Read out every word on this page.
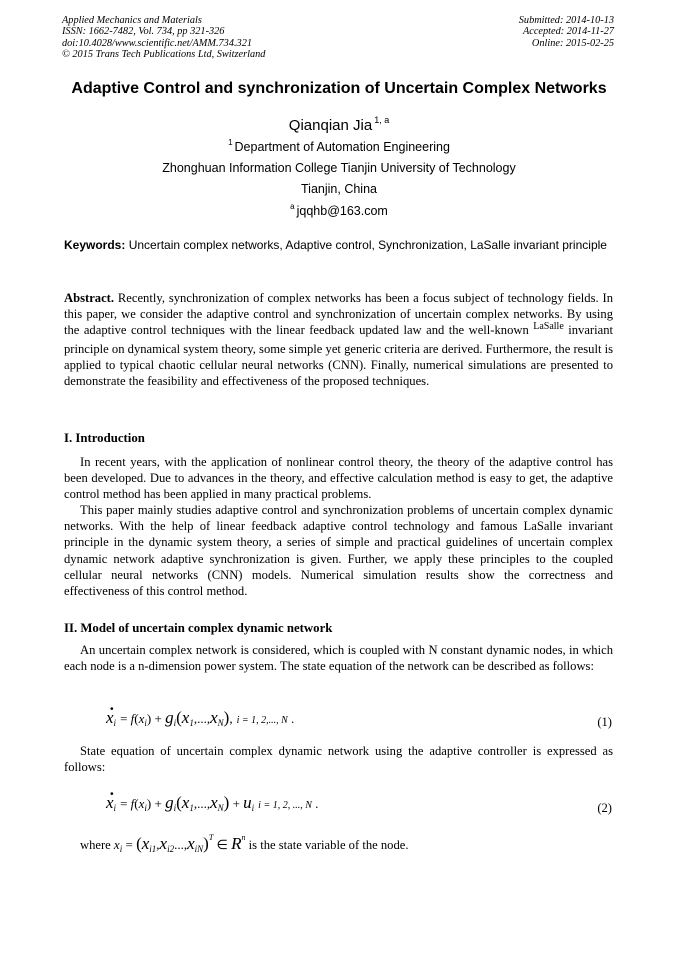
Applied Mechanics and Materials
ISSN: 1662-7482, Vol. 734, pp 321-326
doi:10.4028/www.scientific.net/AMM.734.321
© 2015 Trans Tech Publications Ltd, Switzerland
Submitted: 2014-10-13
Accepted: 2014-11-27
Online: 2015-02-25
Adaptive Control and synchronization of Uncertain Complex Networks
Qianqian Jia $^{1, a}$
$^1$ Department of Automation Engineering
Zhonghuan Information College Tianjin University of Technology
Tianjin, China
$^a$ jqqhb@163.com
Keywords: Uncertain complex networks, Adaptive control, Synchronization, LaSalle invariant principle
Abstract. Recently, synchronization of complex networks has been a focus subject of technology fields. In this paper, we consider the adaptive control and synchronization of uncertain complex networks. By using the adaptive control techniques with the linear feedback updated law and the well-known $^{LaSalle}$ invariant principle on dynamical system theory, some simple yet generic criteria are derived. Furthermore, the result is applied to typical chaotic cellular neural networks (CNN). Finally, numerical simulations are presented to demonstrate the feasibility and effectiveness of the proposed techniques.
I. Introduction
In recent years, with the application of nonlinear control theory, the theory of the adaptive control has been developed. Due to advances in the theory, and effective calculation method is easy to get, the adaptive control method has been applied in many practical problems.
This paper mainly studies adaptive control and synchronization problems of uncertain complex dynamic networks. With the help of linear feedback adaptive control technology and famous LaSalle invariant principle in the dynamic system theory, a series of simple and practical guidelines of uncertain complex dynamic network adaptive synchronization is given. Further, we apply these principles to the coupled cellular neural networks (CNN) models. Numerical simulation results show the correctness and effectiveness of this control method.
II. Model of uncertain complex dynamic network
An uncertain complex network is considered, which is coupled with N constant dynamic nodes, in which each node is a n-dimension power system. The state equation of the network can be described as follows:
· xi = f(xi) + gi(x1,...,xN), i = 1, 2,..., N .	(1)
State equation of uncertain complex dynamic network using the adaptive controller is expressed as follows:
· xi = f(xi) + gi(x1,...,xN) + ui i = 1, 2, ..., N .	(2)
where $x_i = (x_{i1},x_{i2}...,x_{iN})^T$ ∈ $R^n$ is the state variable of the node.
